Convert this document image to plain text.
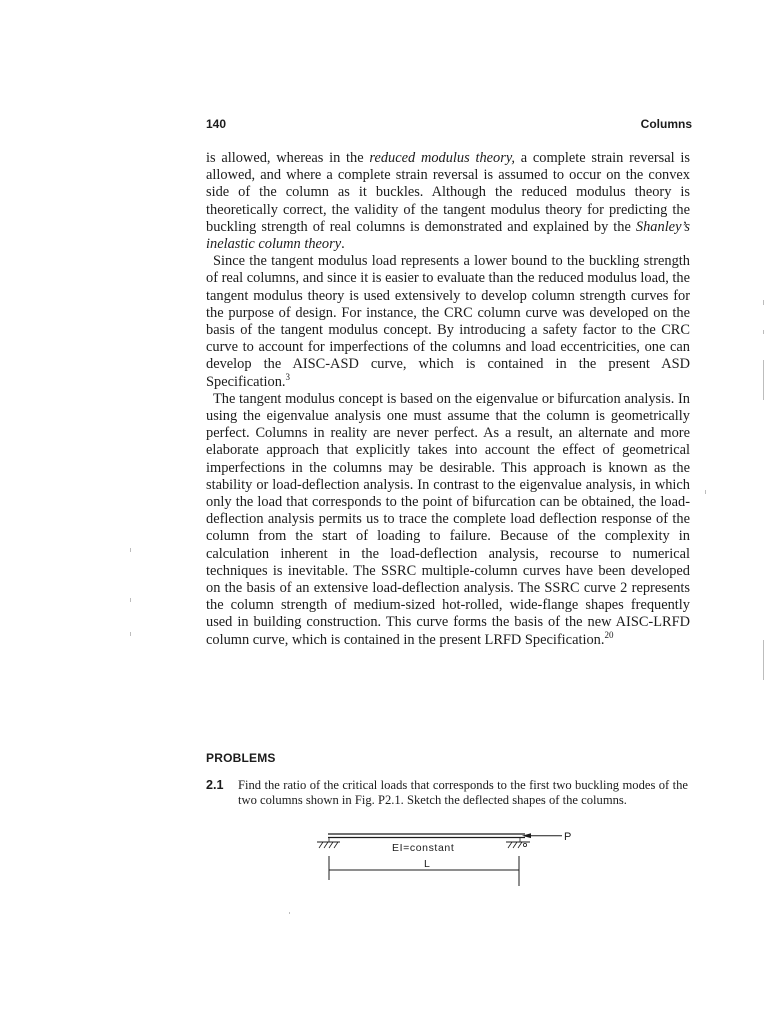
140	Columns

is allowed, whereas in the reduced modulus theory, a complete strain reversal is allowed, and where a complete strain reversal is assumed to occur on the convex side of the column as it buckles. Although the reduced modulus theory is theoretically correct, the validity of the tangent modulus theory for predicting the buckling strength of real columns is demonstrated and explained by the Shanley’s inelastic column theory.

Since the tangent modulus load represents a lower bound to the buckling strength of real columns, and since it is easier to evaluate than the reduced modulus load, the tangent modulus theory is used extensively to develop column strength curves for the purpose of design. For instance, the CRC column curve was developed on the basis of the tangent modulus concept. By introducing a safety factor to the CRC curve to account for imperfections of the columns and load eccentricities, one can develop the AISC-ASD curve, which is contained in the present ASD Specification.$^3$

The tangent modulus concept is based on the eigenvalue or bifurcation analysis. In using the eigenvalue analysis one must assume that the column is geometrically perfect. Columns in reality are never perfect. As a result, an alternate and more elaborate approach that explicitly takes into account the effect of geometrical imperfections in the columns may be desirable. This approach is known as the stability or load-deflection analysis. In contrast to the eigenvalue analysis, in which only the load that corresponds to the point of bifurcation can be obtained, the load-deflection analysis permits us to trace the complete load deflection response of the column from the start of loading to failure. Because of the complexity in calculation inherent in the load-deflection analysis, recourse to numerical techniques is inevitable. The SSRC multiple-column curves have been developed on the basis of an extensive load-deflection analysis. The SSRC curve 2 represents the column strength of medium-sized hot-rolled, wide-flange shapes frequently used in building construction. This curve forms the basis of the new AISC-LRFD column curve, which is contained in the present LRFD Specification.$^{20}$

PROBLEMS
2.1 Find the ratio of the critical loads that corresponds to the first two buckling modes of the two columns shown in Fig. P2.1. Sketch the deflected shapes of the columns.
P
EI=constant
L
